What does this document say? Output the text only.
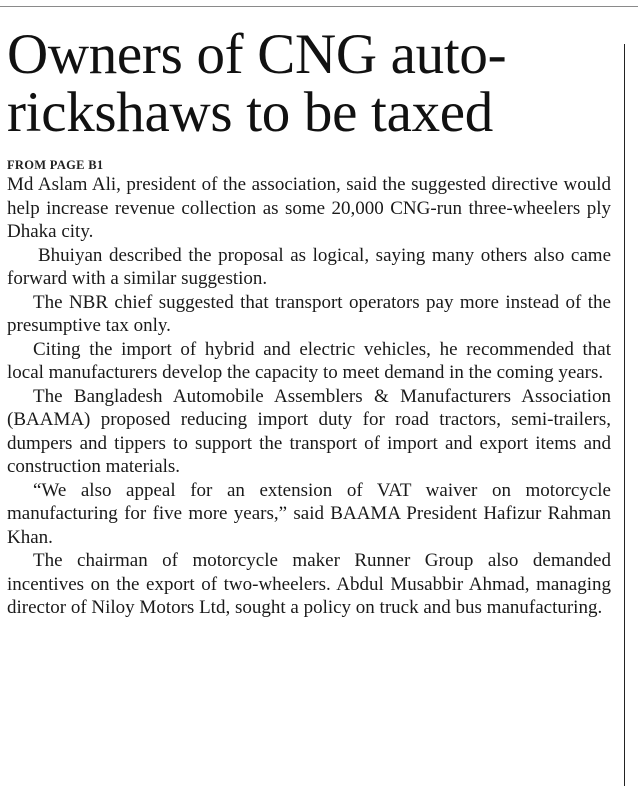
Owners of CNG auto-
rickshaws to be taxed
FROM PAGE B1

Md Aslam Ali, president of the association, said the suggested directive would help increase revenue collection as some 20,000 CNG-run three-wheelers ply Dhaka city.

Bhuiyan described the proposal as logical, saying many others also came forward with a similar suggestion.

The NBR chief suggested that transport operators pay more instead of the presumptive tax only.

Citing the import of hybrid and electric vehicles, he recommended that local manufacturers develop the capacity to meet demand in the coming years.

The Bangladesh Automobile Assemblers & Manufacturers Association (BAAMA) proposed reducing import duty for road tractors, semi-trailers, dumpers and tippers to support the transport of import and export items and construction materials.

“We also appeal for an extension of VAT waiver on motorcycle manufacturing for five more years,” said BAAMA President Hafizur Rahman Khan.

The chairman of motorcycle maker Runner Group also demanded incentives on the export of two-wheelers. Abdul Musabbir Ahmad, managing director of Niloy Motors Ltd, sought a policy on truck and bus manufacturing.
